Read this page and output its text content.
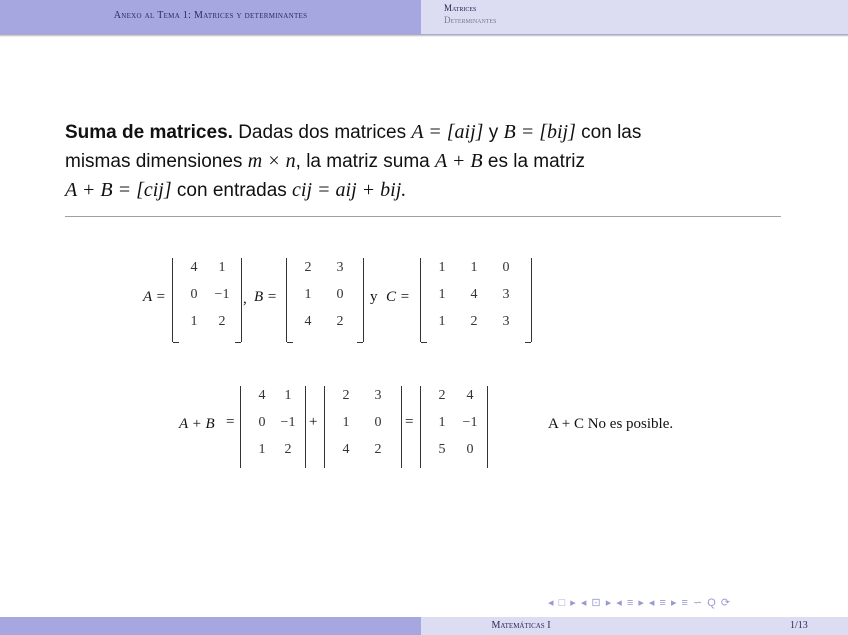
Anexo al Tema 1: Matrices y determinantes
Matrices
Determinantes
Suma de matrices. Dadas dos matrices A = [aij] y B = [bij] con las
mismas dimensiones m × n, la matriz suma A + B es la matriz
A + B = [cij] con entradas cij = aij + bij.
A =
4	1
0	−1
1	2
, B =
2	3
1	0
4	2
y C =
1	1	0
1	4	3
1	2	3
A + B =
4	1
0	−1
1	2
+
2	3
1	0
4	2
=
2	4
1	−1
5	0
A + C No es posible.
◂ □ ▸ ◂ ⊡ ▸ ◂ ≡ ▸ ◂ ≡ ▸ ≡ ∽ Q ⟳
Matemáticas I	1/13
